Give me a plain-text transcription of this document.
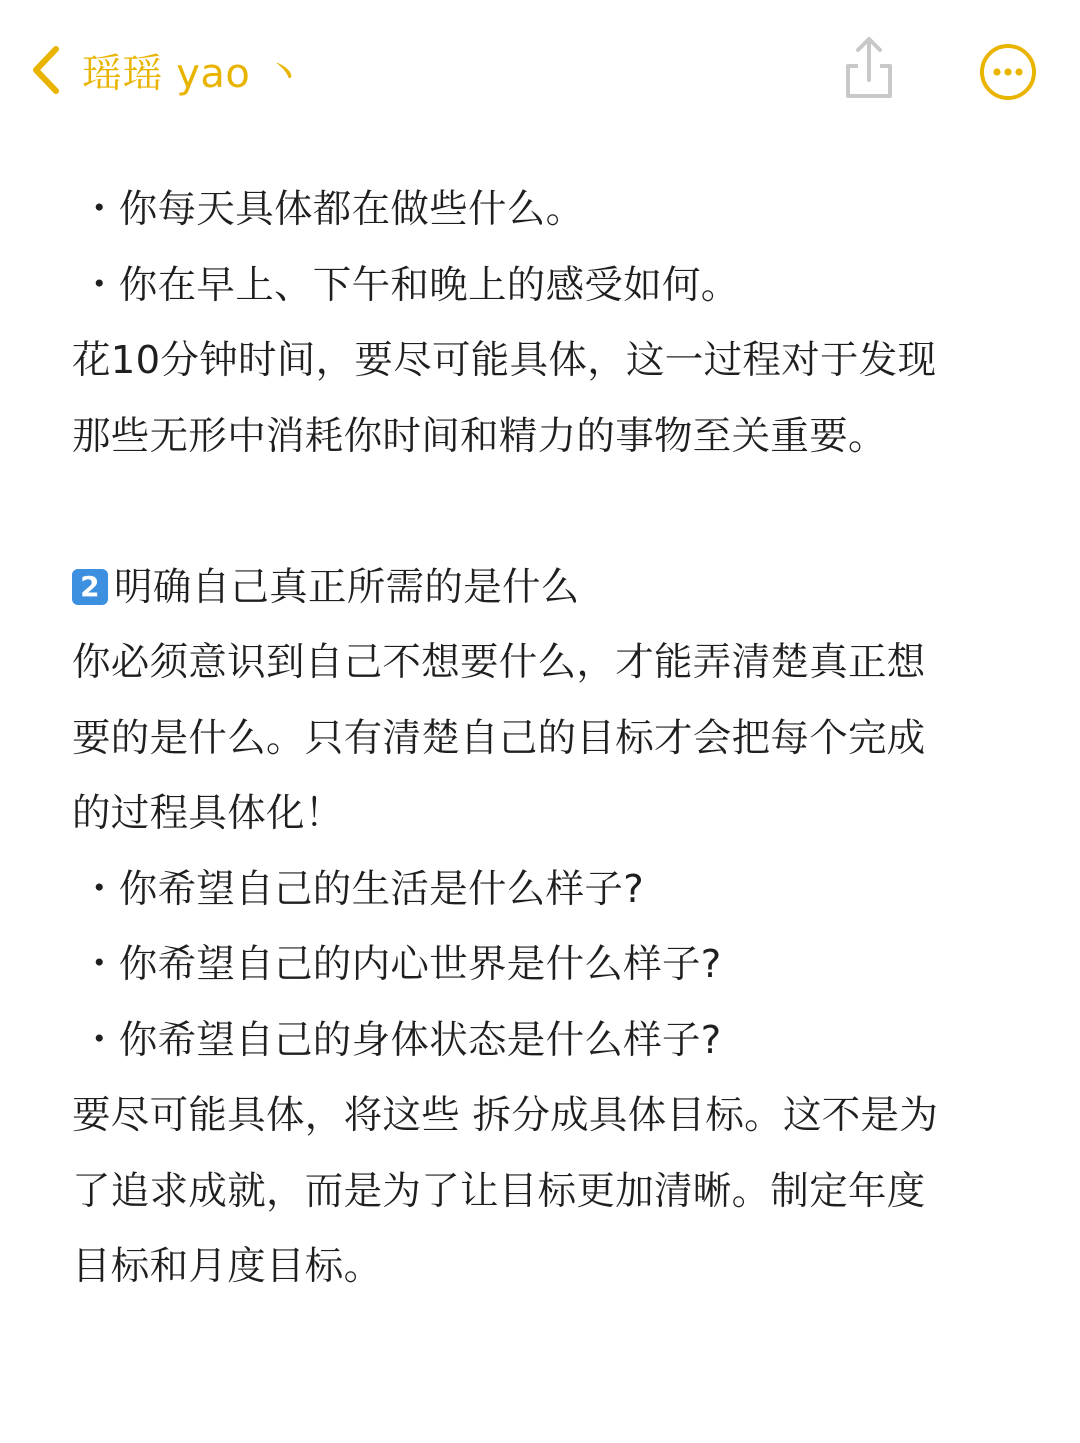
瑶瑶 yao 丶
・你每天具体都在做些什么。
・你在早上、下午和晚上的感受如何。
花10分钟时间，要尽可能具体，这一过程对于发现
那些无形中消耗你时间和精力的事物至关重要。
2 明确自己真正所需的是什么
你必须意识到自己不想要什么，才能弄清楚真正想
要的是什么。只有清楚自己的目标才会把每个完成
的过程具体化！
・你希望自己的生活是什么样子?
・你希望自己的内心世界是什么样子?
・你希望自己的身体状态是什么样子?
要尽可能具体，将这些 拆分成具体目标。这不是为
了追求成就，而是为了让目标更加清晰。制定年度
目标和月度目标。
